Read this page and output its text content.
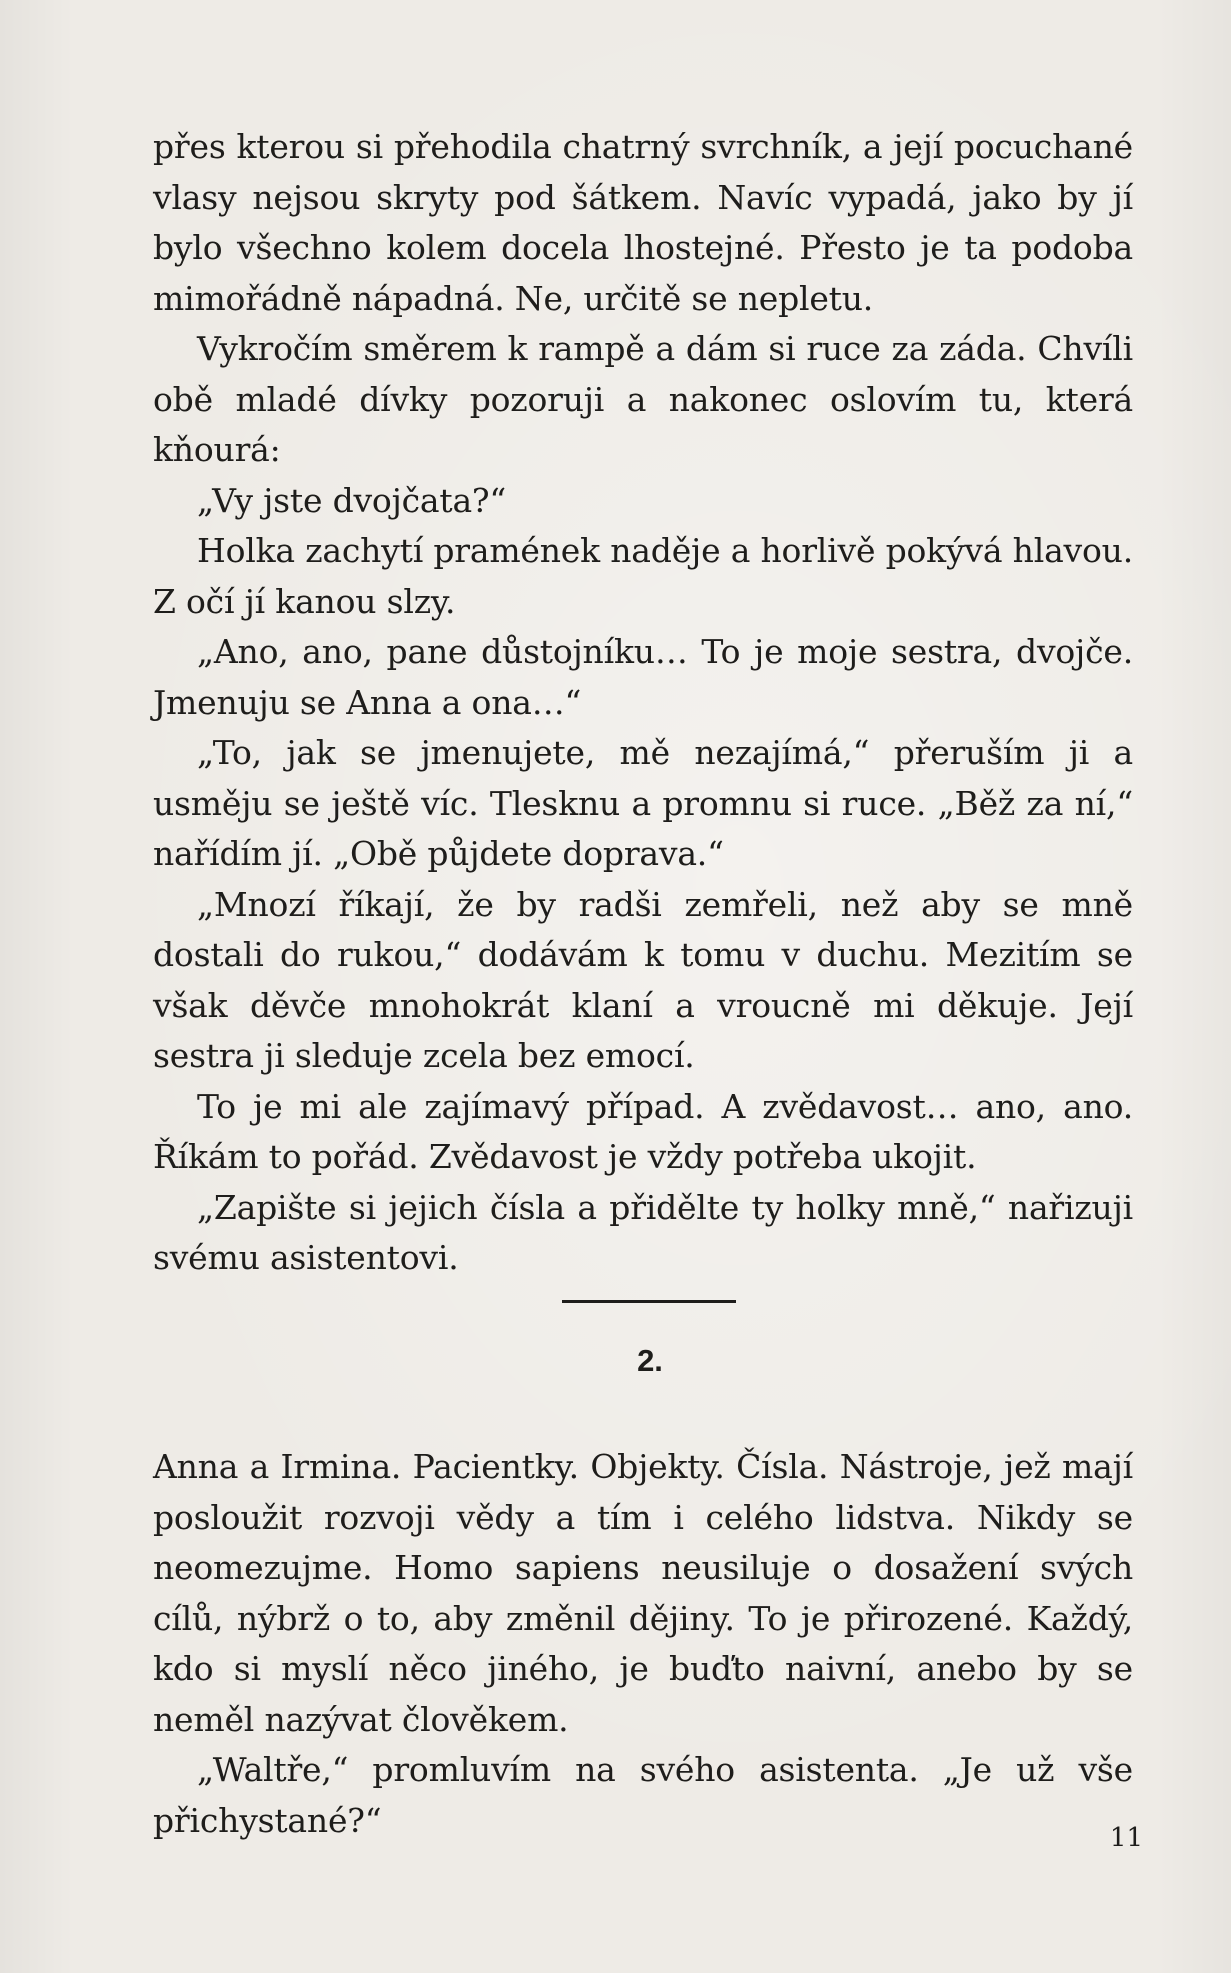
přes kterou si přehodila chatrný svrchník, a její pocuchané vlasy nejsou skryty pod šátkem. Navíc vypadá, jako by jí bylo všechno kolem docela lhostejné. Přesto je ta podoba mimořádně nápadná. Ne, určitě se nepletu.

Vykročím směrem k rampě a dám si ruce za záda. Chvíli obě mladé dívky pozoruji a nakonec oslovím tu, která kňourá:

„Vy jste dvojčata?“

Holka zachytí pramének naděje a horlivě pokývá hlavou. Z očí jí kanou slzy.

„Ano, ano, pane důstojníku… To je moje sestra, dvojče. Jmenuju se Anna a ona…“

„To, jak se jmenujete, mě nezajímá,“ přeruším ji a usměju se ještě víc. Tlesknu a promnu si ruce. „Běž za ní,“ nařídím jí. „Obě půjdete doprava.“

„Mnozí říkají, že by radši zemřeli, než aby se mně dostali do rukou,“ dodávám k tomu v duchu. Mezitím se však děvče mnohokrát klaní a vroucně mi děkuje. Její sestra ji sleduje zcela bez emocí.

To je mi ale zajímavý případ. A zvědavost… ano, ano. Říkám to pořád. Zvědavost je vždy potřeba ukojit.

„Zapište si jejich čísla a přidělte ty holky mně,“ nařizuji svému asistentovi.

2.

Anna a Irmina. Pacientky. Objekty. Čísla. Nástroje, jež mají posloužit rozvoji vědy a tím i celého lidstva. Nikdy se neomezujme. Homo sapiens neusiluje o dosažení svých cílů, nýbrž o to, aby změnil dějiny. To je přirozené. Každý, kdo si myslí něco jiného, je buďto naivní, anebo by se neměl nazývat člověkem.

„Waltře,“ promluvím na svého asistenta. „Je už vše přichystané?“	11
